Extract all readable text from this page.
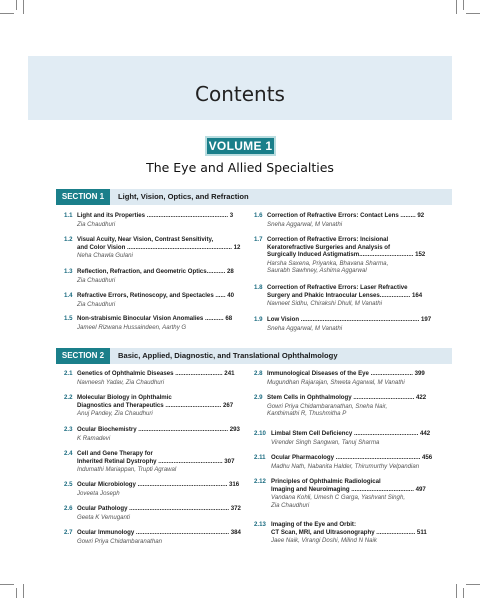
Contents
VOLUME 1
The Eye and Allied Specialties
SECTION 1	Light, Vision, Optics, and Refraction
SECTION 2	Basic, Applied, Diagnostic, and Translational Ophthalmology
1.1 Light and its Properties ................................................ 3
Zia Chaudhuri
1.2 Visual Acuity, Near Vision, Contrast Sensitivity,
and Color Vision .............................................................. 12
Neha Chawla Gulani
1.3 Reflection, Refraction, and Geometric Optics........... 28
Zia Chaudhuri
1.4 Refractive Errors, Retinoscopy, and Spectacles ...... 40
Zia Chaudhuri
1.5 Non-strabismic Binocular Vision Anomalies ........... 68
Jameel Rizwana Hussaindeen, Aarthy G
1.6 Correction of Refractive Errors: Contact Lens ......... 92
Sneha Aggarwal, M Vanathi
1.7 Correction of Refractive Errors: Incisional
Keratorefractive Surgeries and Analysis of
Surgically Induced Astigmatism................................ 152
Harsha Saxena, Priyanka, Bhavana Sharma,
Saurabh Sawhney, Ashima Aggarwal
1.8 Correction of Refractive Errors: Laser Refractive
Surgery and Phakic Intraocular Lenses.................. 164
Navneet Sidhu, Chirakshi Dhull, M Vanathi
1.9 Low Vision ...................................................................... 197
Sneha Aggarwal, M Vanathi
2.1 Genetics of Ophthalmic Diseases ............................ 241
Navneesh Yadav, Zia Chaudhuri
2.2 Molecular Biology in Ophthalmic
Diagnostics and Therapeutics ................................. 267
Anuj Pandey, Zia Chaudhuri
2.3 Ocular Biochemistry ..................................................... 293
K Ramadevi
2.4 Cell and Gene Therapy for
Inherited Retinal Dystrophy ...................................... 307
Indumathi Mariappan, Trupti Agrawal
2.5 Ocular Microbiology ..................................................... 316
Joveeta Joseph
2.6 Ocular Pathology ........................................................... 372
Geeta K Vemuganti
2.7 Ocular Immunology ....................................................... 384
Gowri Priya Chidambaranathan
2.8 Immunological Diseases of the Eye ......................... 399
Mugundhan Rajarajan, Shweta Agarwal, M Vanathi
2.9 Stem Cells in Ophthalmology .................................... 422
Gowri Priya Chidambaranathan, Sneha Nair,
Kanthimathi R, Thushmitha P
2.10 Limbal Stem Cell Deficiency ...................................... 442
Virender Singh Sangwan, Tanuj Sharma
2.11 Ocular Pharmacology .................................................. 456
Madhu Nath, Nabanita Halder, Thirumurthy Velpandian
2.12 Principles of Ophthalmic Radiological
Imaging and Neuroimaging ..................................... 497
Vandana Kohli, Umesh C Garga, Yashvant Singh,
Zia Chaudhuri
2.13 Imaging of the Eye and Orbit:
CT Scan, MRI, and Ultrasonography ....................... 511
Jaee Naik, Virangi Doshi, Milind N Naik
